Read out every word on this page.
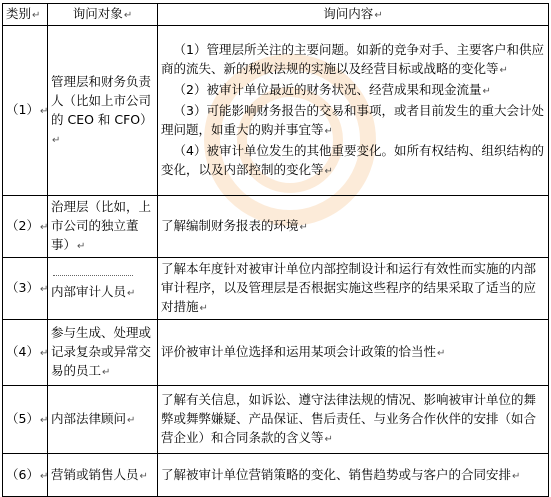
类别↵	询问对象↵	询问内容↵
（1）↵	管理层和财务负责人（比如上市公司的 CEO 和 CFO）↵	（1）管理层所关注的主要问题。如新的竞争对手、主要客户和供应商的流失、新的税收法规的实施以及经营目标或战略的变化等↵
（2）被审计单位最近的财务状况、经营成果和现金流量↵
（3）可能影响财务报告的交易和事项，或者目前发生的重大会计处理问题，如重大的购并事宜等↵
（4）被审计单位发生的其他重要变化。如所有权结构、组织结构的变化，以及内部控制的变化等↵

（2）↵	治理层（比如，上市公司的独立董事）↵	了解编制财务报表的环境↵
（3）↵	内部审计人员↵	了解本年度针对被审计单位内部控制设计和运行有效性而实施的内部审计程序，以及管理层是否根据实施这些程序的结果采取了适当的应对措施↵
（4）↵	参与生成、处理或记录复杂或异常交易的员工↵	评价被审计单位选择和运用某项会计政策的恰当性↵
（5）↵	内部法律顾问↵	了解有关信息，如诉讼、遵守法律法规的情况、影响被审计单位的舞弊或舞弊嫌疑、产品保证、售后责任、与业务合作伙伴的安排（如合营企业）和合同条款的含义等↵
（6）↵	营销或销售人员↵	了解被审计单位营销策略的变化、销售趋势或与客户的合同安排↵
